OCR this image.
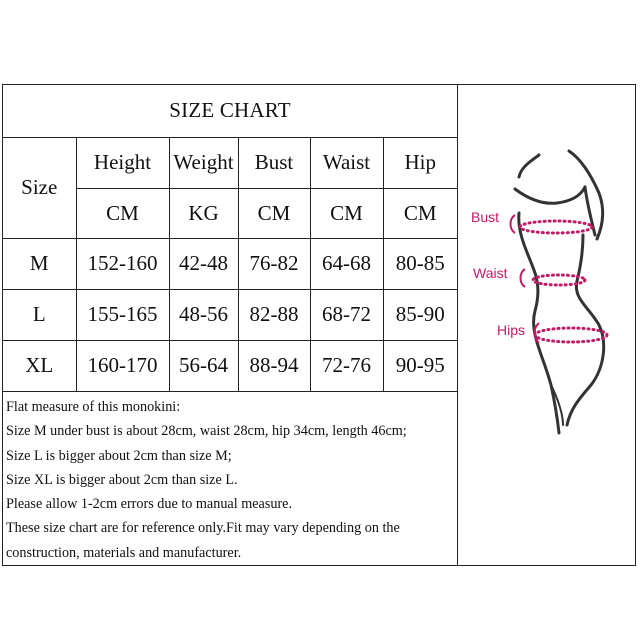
SIZE CHART					
Size	Height	Weight	Bust	Waist	Hip
	CM	KG	CM	CM	CM
M	152-160	42-48	76-82	64-68	80-85
L	155-165	48-56	82-88	68-72	85-90
XL	160-170	56-64	88-94	72-76	90-95
Flat measure of this monokini:
Size M under bust is about 28cm, waist 28cm, hip 34cm, length 46cm;
Size L is bigger about 2cm than size M;
Size XL is bigger about 2cm than size L.
Please allow 1-2cm errors due to manual measure.
These size chart are for reference only.Fit may vary depending on the
construction, materials and manufacturer.
Bust
Waist
Hips
